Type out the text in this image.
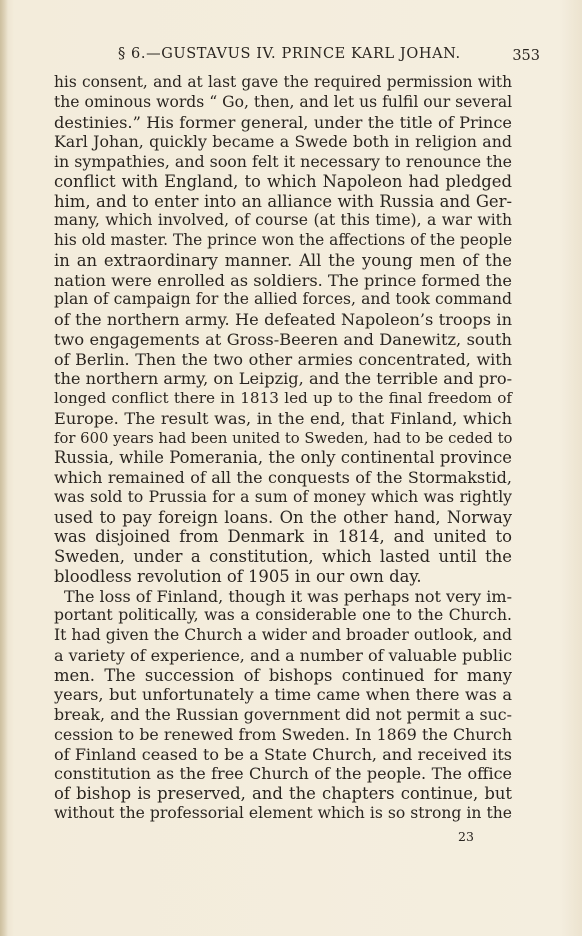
§ 6.—GUSTAVUS IV. PRINCE KARL JOHAN.	353
his consent, and at last gave the required permission with
the ominous words “ Go, then, and let us fulfil our several
destinies.” His former general, under the title of Prince
Karl Johan, quickly became a Swede both in religion and
in sympathies, and soon felt it necessary to renounce the
conflict with England, to which Napoleon had pledged
him, and to enter into an alliance with Russia and Ger-
many, which involved, of course (at this time), a war with
his old master. The prince won the affections of the people
in an extraordinary manner. All the young men of the
nation were enrolled as soldiers. The prince formed the
plan of campaign for the allied forces, and took command
of the northern army. He defeated Napoleon’s troops in
two engagements at Gross-Beeren and Danewitz, south
of Berlin. Then the two other armies concentrated, with
the northern army, on Leipzig, and the terrible and pro-
longed conflict there in 1813 led up to the final freedom of
Europe. The result was, in the end, that Finland, which
for 600 years had been united to Sweden, had to be ceded to
Russia, while Pomerania, the only continental province
which remained of all the conquests of the Stormakstid,
was sold to Prussia for a sum of money which was rightly
used to pay foreign loans. On the other hand, Norway
was disjoined from Denmark in 1814, and united to
Sweden, under a constitution, which lasted until the
bloodless revolution of 1905 in our own day.
The loss of Finland, though it was perhaps not very im-
portant politically, was a considerable one to the Church.
It had given the Church a wider and broader outlook, and
a variety of experience, and a number of valuable public
men. The succession of bishops continued for many
years, but unfortunately a time came when there was a
break, and the Russian government did not permit a suc-
cession to be renewed from Sweden. In 1869 the Church
of Finland ceased to be a State Church, and received its
constitution as the free Church of the people. The office
of bishop is preserved, and the chapters continue, but
without the professorial element which is so strong in the
23
